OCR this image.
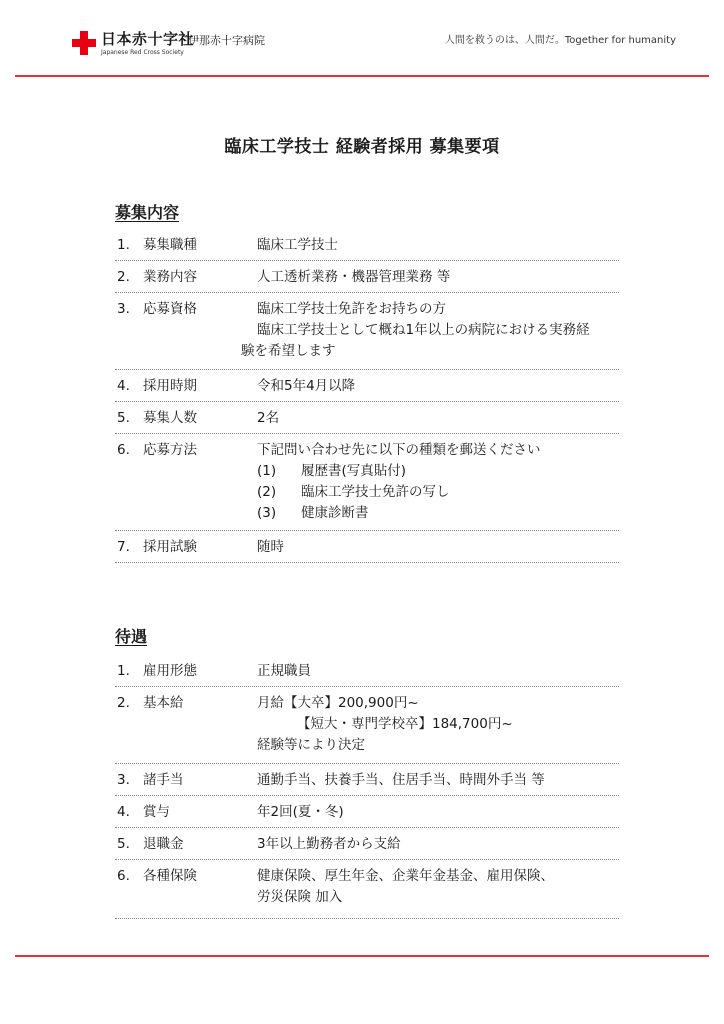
日本赤十字社
Japanese Red Cross Society
下伊那赤十字病院	人間を救うのは、人間だ。Together for humanity
臨床工学技士 経験者採用 募集要項
募集内容
1. 募集職種	臨床工学技士
2. 業務内容	人工透析業務・機器管理業務 等
3. 応募資格	臨床工学技士免許をお持ちの方
臨床工学技士として概ね1年以上の病院における実務経
験を希望します
4. 採用時期	令和5年4月以降
5. 募集人数	2名
6. 応募方法	下記問い合わせ先に以下の種類を郵送ください
(1) 履歴書(写真貼付)
(2) 臨床工学技士免許の写し
(3) 健康診断書
7. 採用試験	随時
待遇
1. 雇用形態	正規職員
2. 基本給	月給【大卒】200,900円~
【短大・専門学校卒】184,700円~
経験等により決定
3. 諸手当	通勤手当、扶養手当、住居手当、時間外手当 等
4. 賞与	年2回(夏・冬)
5. 退職金	3年以上勤務者から支給
6. 各種保険	健康保険、厚生年金、企業年金基金、雇用保険、
労災保険 加入
